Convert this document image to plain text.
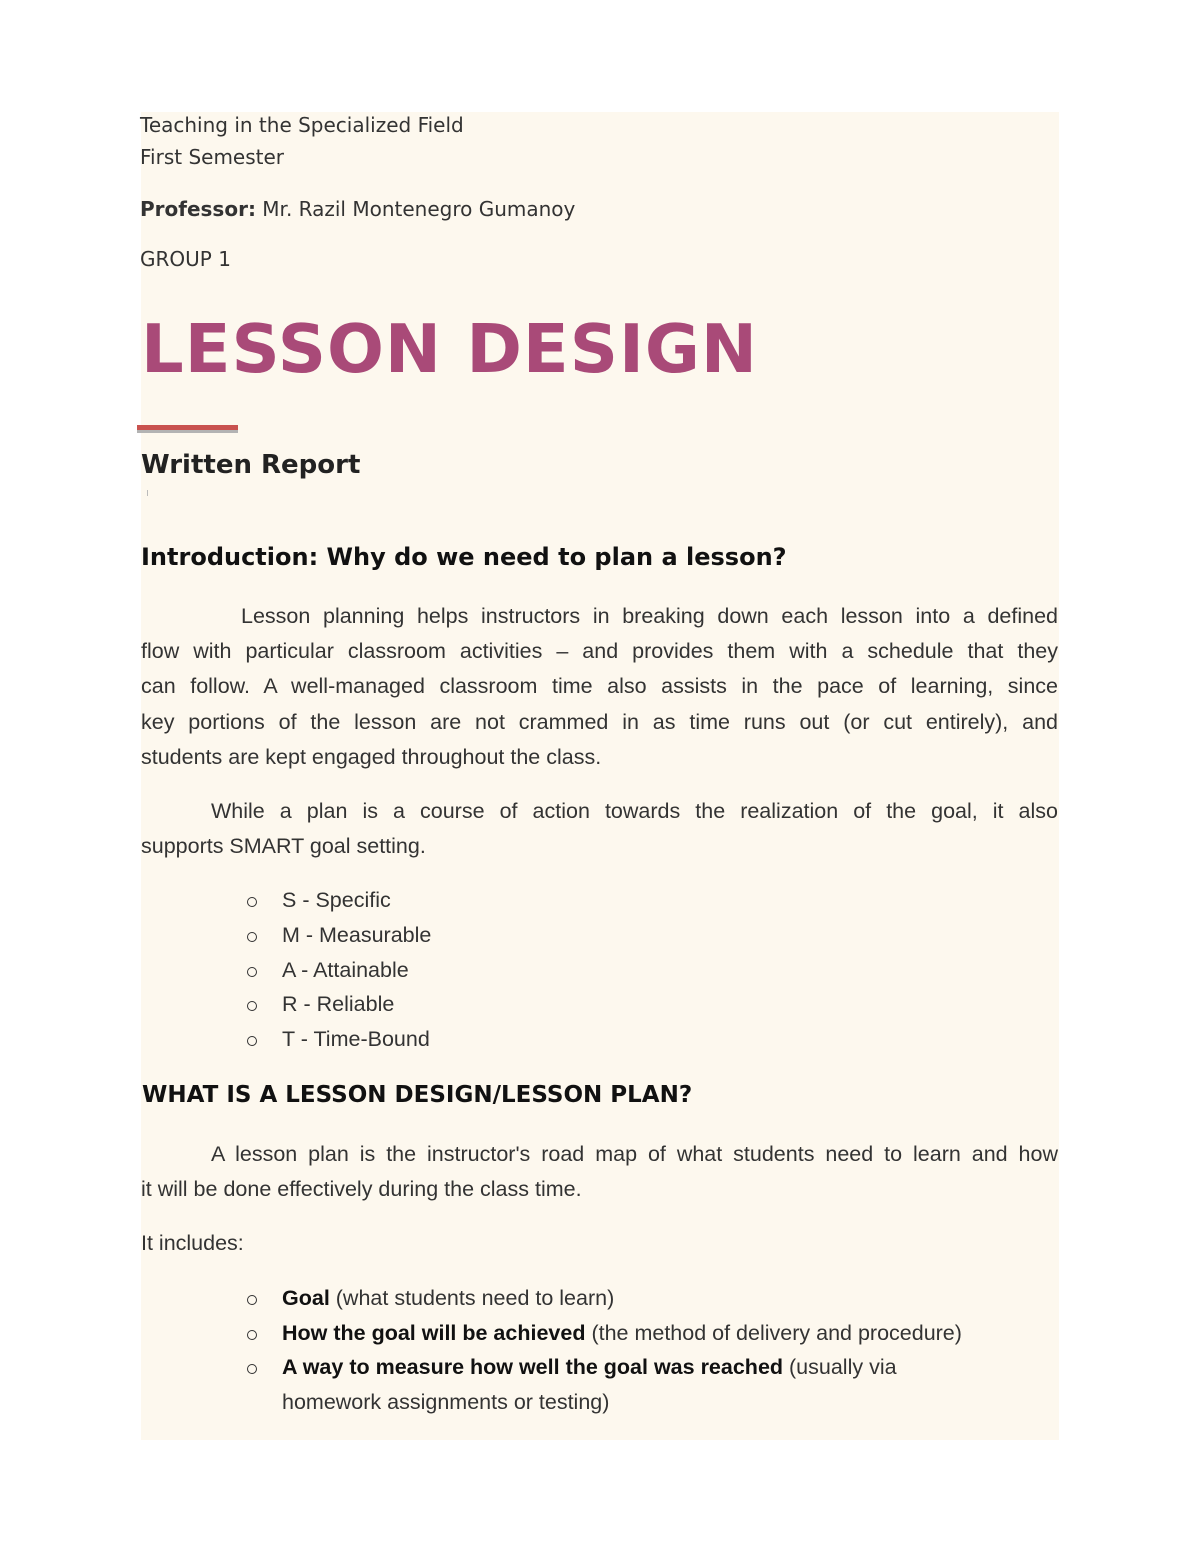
Teaching in the Specialized Field
First Semester
Professor: Mr. Razil Montenegro Gumanoy
GROUP 1
LESSON DESIGN
Written Report
Introduction: Why do we need to plan a lesson?
Lesson planning helps instructors in breaking down each lesson into a defined
flow with particular classroom activities – and provides them with a schedule that they
can follow. A well-managed classroom time also assists in the pace of learning, since
key portions of the lesson are not crammed in as time runs out (or cut entirely), and
students are kept engaged throughout the class.
While a plan is a course of action towards the realization of the goal, it also
supports SMART goal setting.
S - Specific
M - Measurable
A - Attainable
R - Reliable
T - Time-Bound
WHAT IS A LESSON DESIGN/LESSON PLAN?
A lesson plan is the instructor's road map of what students need to learn and how
it will be done effectively during the class time.
It includes:
Goal (what students need to learn)
How the goal will be achieved (the method of delivery and procedure)
A way to measure how well the goal was reached (usually via
homework assignments or testing)
